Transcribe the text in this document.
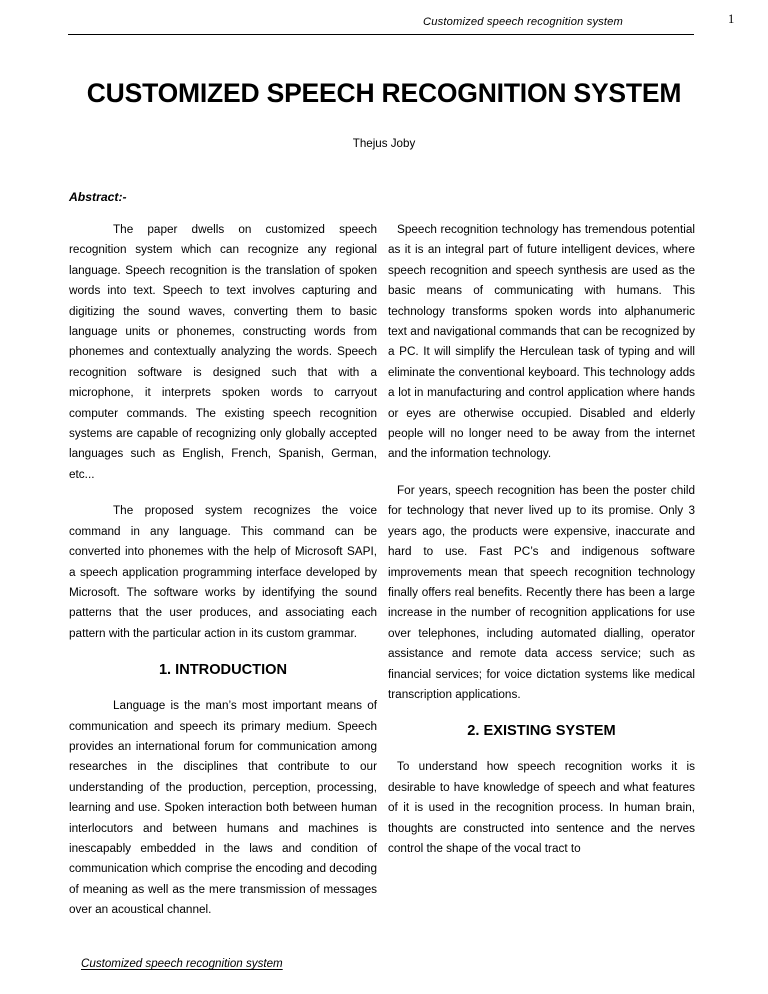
Customized speech recognition system	1
CUSTOMIZED SPEECH RECOGNITION SYSTEM
Thejus Joby
Abstract:-

The paper dwells on customized speech recognition system which can recognize any regional language. Speech recognition is the translation of spoken words into text. Speech to text involves capturing and digitizing the sound waves, converting them to basic language units or phonemes, constructing words from phonemes and contextually analyzing the words. Speech recognition software is designed such that with a microphone, it interprets spoken words to carryout computer commands. The existing speech recognition systems are capable of recognizing only globally accepted languages such as English, French, Spanish, German, etc...

The proposed system recognizes the voice command in any language. This command can be converted into phonemes with the help of Microsoft SAPI, a speech application programming interface developed by Microsoft. The software works by identifying the sound patterns that the user produces, and associating each pattern with the particular action in its custom grammar.

1. INTRODUCTION

Language is the man’s most important means of communication and speech its primary medium. Speech provides an international forum for communication among researches in the disciplines that contribute to our understanding of the production, perception, processing, learning and use. Spoken interaction both between human interlocutors and between humans and machines is inescapably embedded in the laws and condition of communication which comprise the encoding and decoding of meaning as well as the mere transmission of messages over an acoustical channel.

Speech recognition technology has tremendous potential as it is an integral part of future intelligent devices, where speech recognition and speech synthesis are used as the basic means of communicating with humans. This technology transforms spoken words into alphanumeric text and navigational commands that can be recognized by a PC. It will simplify the Herculean task of typing and will eliminate the conventional keyboard. This technology adds a lot in manufacturing and control application where hands or eyes are otherwise occupied. Disabled and elderly people will no longer need to be away from the internet and the information technology.

For years, speech recognition has been the poster child for technology that never lived up to its promise. Only 3 years ago, the products were expensive, inaccurate and hard to use. Fast PC’s and indigenous software improvements mean that speech recognition technology finally offers real benefits. Recently there has been a large increase in the number of recognition applications for use over telephones, including automated dialling, operator assistance and remote data access service; such as financial services; for voice dictation systems like medical transcription applications.

2. EXISTING SYSTEM

To understand how speech recognition works it is desirable to have knowledge of speech and what features of it is used in the recognition process. In human brain, thoughts are constructed into sentence and the nerves control the shape of the vocal tract to

Customized speech recognition system
